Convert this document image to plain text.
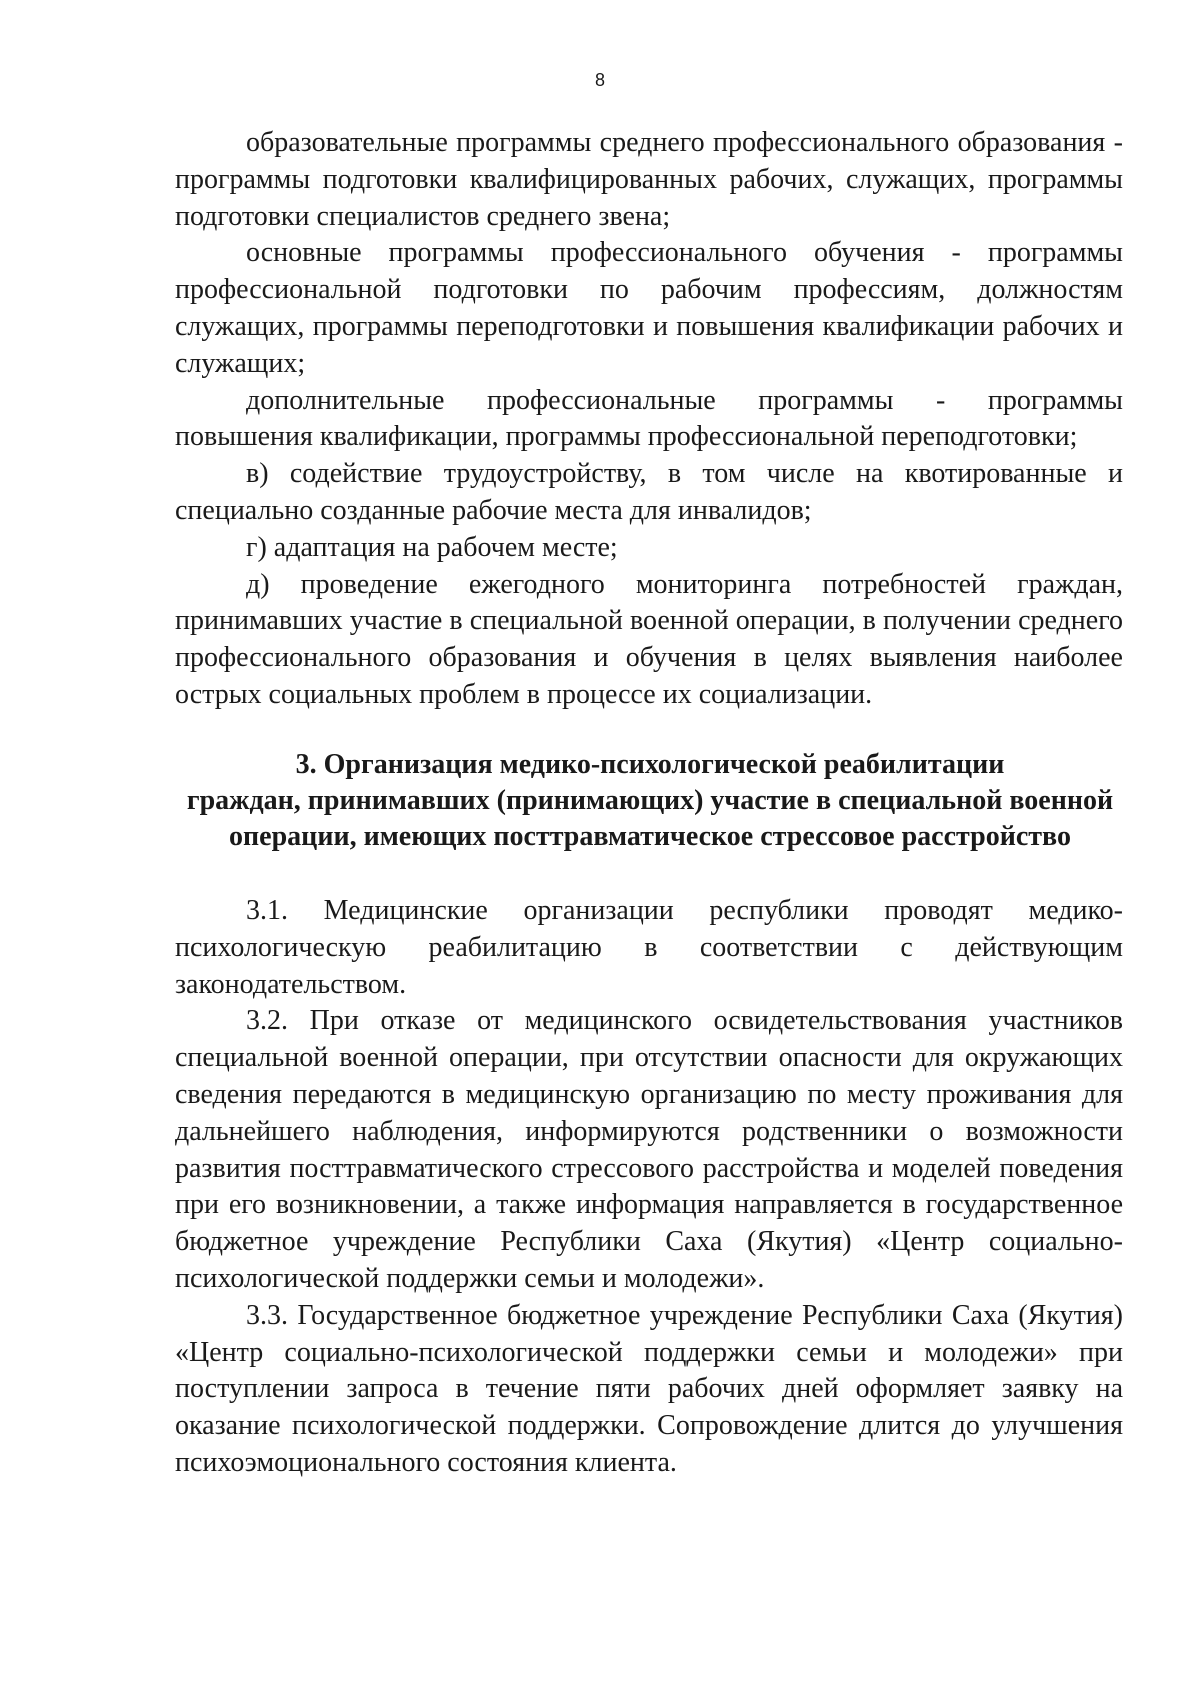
8

образовательные программы среднего профессионального образования - программы подготовки квалифицированных рабочих, служащих, программы подготовки специалистов среднего звена;

основные программы профессионального обучения - программы профессиональной подготовки по рабочим профессиям, должностям служащих, программы переподготовки и повышения квалификации рабочих и служащих;

дополнительные профессиональные программы - программы повышения квалификации, программы профессиональной переподготовки;

в) содействие трудоустройству, в том числе на квотированные и специально созданные рабочие места для инвалидов;

г) адаптация на рабочем месте;

д) проведение ежегодного мониторинга потребностей граждан, принимавших участие в специальной военной операции, в получении среднего профессионального образования и обучения в целях выявления наиболее острых социальных проблем в процессе их социализации.

3. Организация медико-психологической реабилитации
граждан, принимавших (принимающих) участие в специальной военной
операции, имеющих посттравматическое стрессовое расстройство

3.1. Медицинские организации республики проводят медико-психологическую реабилитацию в соответствии с действующим законодательством.

3.2. При отказе от медицинского освидетельствования участников специальной военной операции, при отсутствии опасности для окружающих сведения передаются в медицинскую организацию по месту проживания для дальнейшего наблюдения, информируются родственники о возможности развития посттравматического стрессового расстройства и моделей поведения при его возникновении, а также информация направляется в государственное бюджетное учреждение Республики Саха (Якутия) «Центр социально-психологической поддержки семьи и молодежи».

3.3. Государственное бюджетное учреждение Республики Саха (Якутия) «Центр социально-психологической поддержки семьи и молодежи» при поступлении запроса в течение пяти рабочих дней оформляет заявку на оказание психологической поддержки. Сопровождение длится до улучшения психоэмоционального состояния клиента.
